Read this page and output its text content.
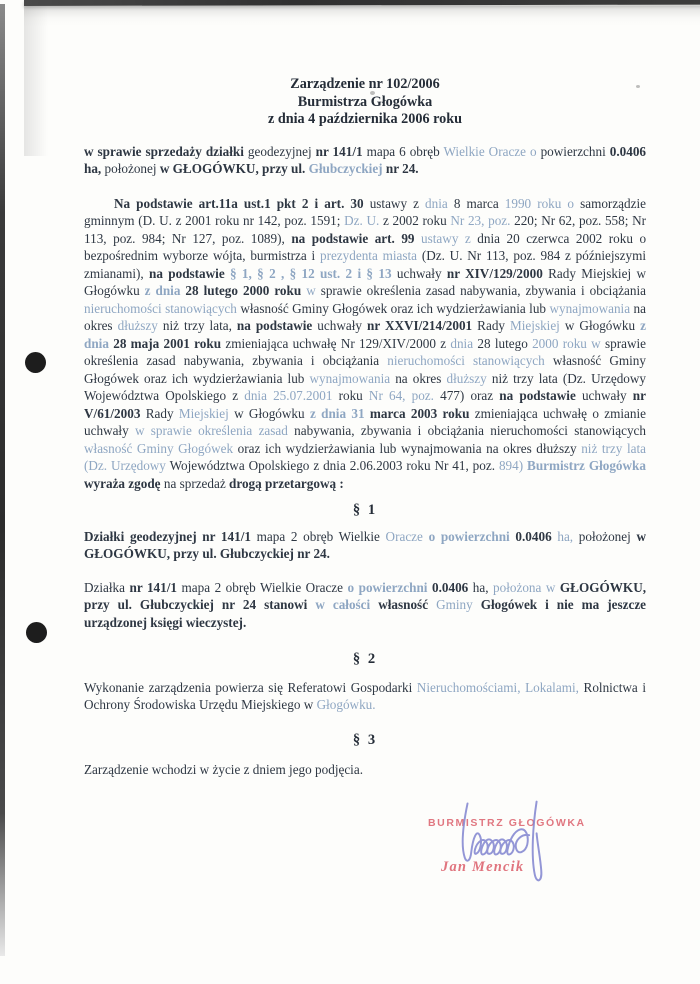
Zarządzenie nr 102/2006
Burmistrza Głogówka
z dnia 4 października 2006 roku

w sprawie sprzedaży działki geodezyjnej nr 141/1 mapa 6 obręb Wielkie Oracze o powierzchni 0.0406 ha, położonej w GŁOGÓWKU, przy ul. Głubczyckiej nr 24.

Na podstawie art.11a ust.1 pkt 2 i art. 30 ustawy z dnia 8 marca 1990 roku o samorządzie gminnym (D. U. z 2001 roku nr 142, poz. 1591; Dz. U. z 2002 roku Nr 23, poz. 220; Nr 62, poz. 558; Nr 113, poz. 984; Nr 127, poz. 1089), na podstawie art. 99 ustawy z dnia 20 czerwca 2002 roku o bezpośrednim wyborze wójta, burmistrza i prezydenta miasta (Dz. U. Nr 113, poz. 984 z późniejszymi zmianami), na podstawie § 1, § 2 , § 12 ust. 2 i § 13 uchwały nr XIV/129/2000 Rady Miejskiej w Głogówku z dnia 28 lutego 2000 roku w sprawie określenia zasad nabywania, zbywania i obciążania nieruchomości stanowiących własność Gminy Głogówek oraz ich wydzierżawiania lub wynajmowania na okres dłuższy niż trzy lata, na podstawie uchwały nr XXVI/214/2001 Rady Miejskiej w Głogówku z dnia 28 maja 2001 roku zmieniająca uchwałę Nr 129/XIV/2000 z dnia 28 lutego 2000 roku w sprawie określenia zasad nabywania, zbywania i obciążania nieruchomości stanowiących własność Gminy Głogówek oraz ich wydzierżawiania lub wynajmowania na okres dłuższy niż trzy lata (Dz. Urzędowy Województwa Opolskiego z dnia 25.07.2001 roku Nr 64, poz. 477) oraz na podstawie uchwały nr V/61/2003 Rady Miejskiej w Głogówku z dnia 31 marca 2003 roku zmieniająca uchwałę o zmianie uchwały w sprawie określenia zasad nabywania, zbywania i obciążania nieruchomości stanowiących własność Gminy Głogówek oraz ich wydzierżawiania lub wynajmowania na okres dłuższy niż trzy lata (Dz. Urzędowy Województwa Opolskiego z dnia 2.06.2003 roku Nr 41, poz. 894) Burmistrz Głogówka wyraża zgodę na sprzedaż drogą przetargową :

§ 1

Działki geodezyjnej nr 141/1 mapa 2 obręb Wielkie Oracze o powierzchni 0.0406 ha, położonej w GŁOGÓWKU, przy ul. Głubczyckiej nr 24.

Działka nr 141/1 mapa 2 obręb Wielkie Oracze o powierzchni 0.0406 ha, położona w GŁOGÓWKU, przy ul. Głubczyckiej nr 24 stanowi w całości własność Gminy Głogówek i nie ma jeszcze urządzonej księgi wieczystej.

§ 2

Wykonanie zarządzenia powierza się Referatowi Gospodarki Nieruchomościami, Lokalami, Rolnictwa i Ochrony Środowiska Urzędu Miejskiego w Głogówku.

§ 3

Zarządzenie wchodzi w życie z dniem jego podjęcia.

BURMISTRZ GŁOGÓWKA
Jan Mencik
